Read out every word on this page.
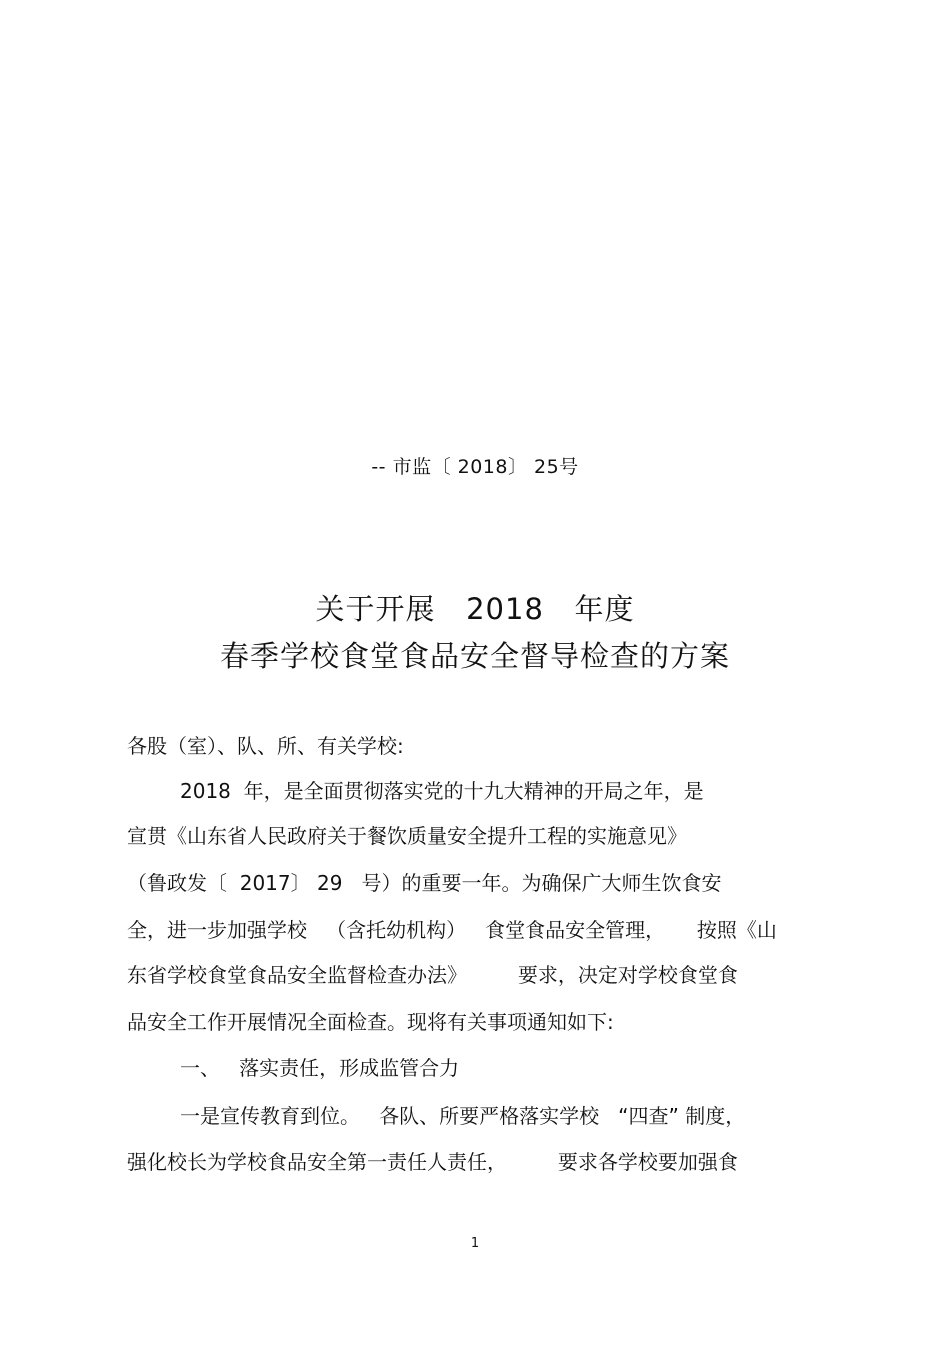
-- 市监〔 2018〕 25号
关于开展   2018   年度
春季学校食堂食品安全督导检查的方案
各股（室）、队、所、有关学校:
2018  年，是全面贯彻落实党的十九大精神的开局之年，是
宣贯《山东省人民政府关于餐饮质量安全提升工程的实施意见》
（鲁政发〔  2017〕 29   号）的重要一年。为确保广大师生饮食安
全，进一步加强学校   （含托幼机构）   食堂食品安全管理，     按照《山
东省学校食堂食品安全监督检查办法》        要求，决定对学校食堂食
品安全工作开展情况全面检查。现将有关事项通知如下:
一、   落实责任，形成监管合力
一是宣传教育到位。   各队、所要严格落实学校   “四查” 制度，
强化校长为学校食品安全第一责任人责任，        要求各学校要加强食
1
